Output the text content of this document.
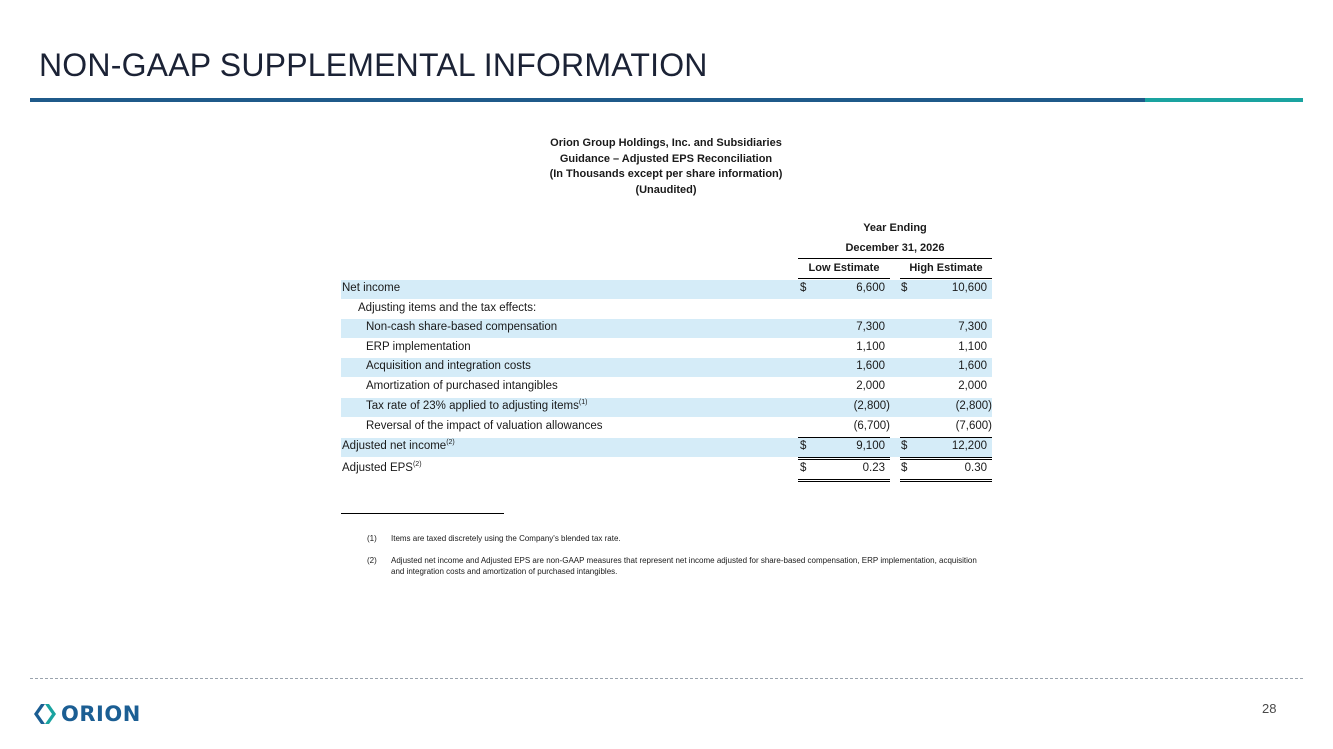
NON-GAAP SUPPLEMENTAL INFORMATION
Orion Group Holdings, Inc. and Subsidiaries
Guidance – Adjusted EPS Reconciliation
(In Thousands except per share information)
(Unaudited)
Year Ending
December 31, 2026
Low Estimate	High Estimate
Net income	$	6,600 $	10,600
Adjusting items and the tax effects:
Non-cash share-based compensation	7,300	7,300
ERP implementation	1,100	1,100
Acquisition and integration costs	1,600	1,600
Amortization of purchased intangibles	2,000	2,000
Tax rate of 23% applied to adjusting items$^{(1)}$	(2,800)	(2,800)
Reversal of the impact of valuation allowances	(6,700)	(7,600)
Adjusted net income$^{(2)}$	$	9,100 $	12,200
Adjusted EPS$^{(2)}$	$	0.23 $	0.30
(1) Items are taxed discretely using the Company's blended tax rate.
(2) Adjusted net income and Adjusted EPS are non-GAAP measures that represent net income adjusted for share-based compensation, ERP implementation, acquisition and integration costs and amortization of purchased intangibles.
ORION	28
